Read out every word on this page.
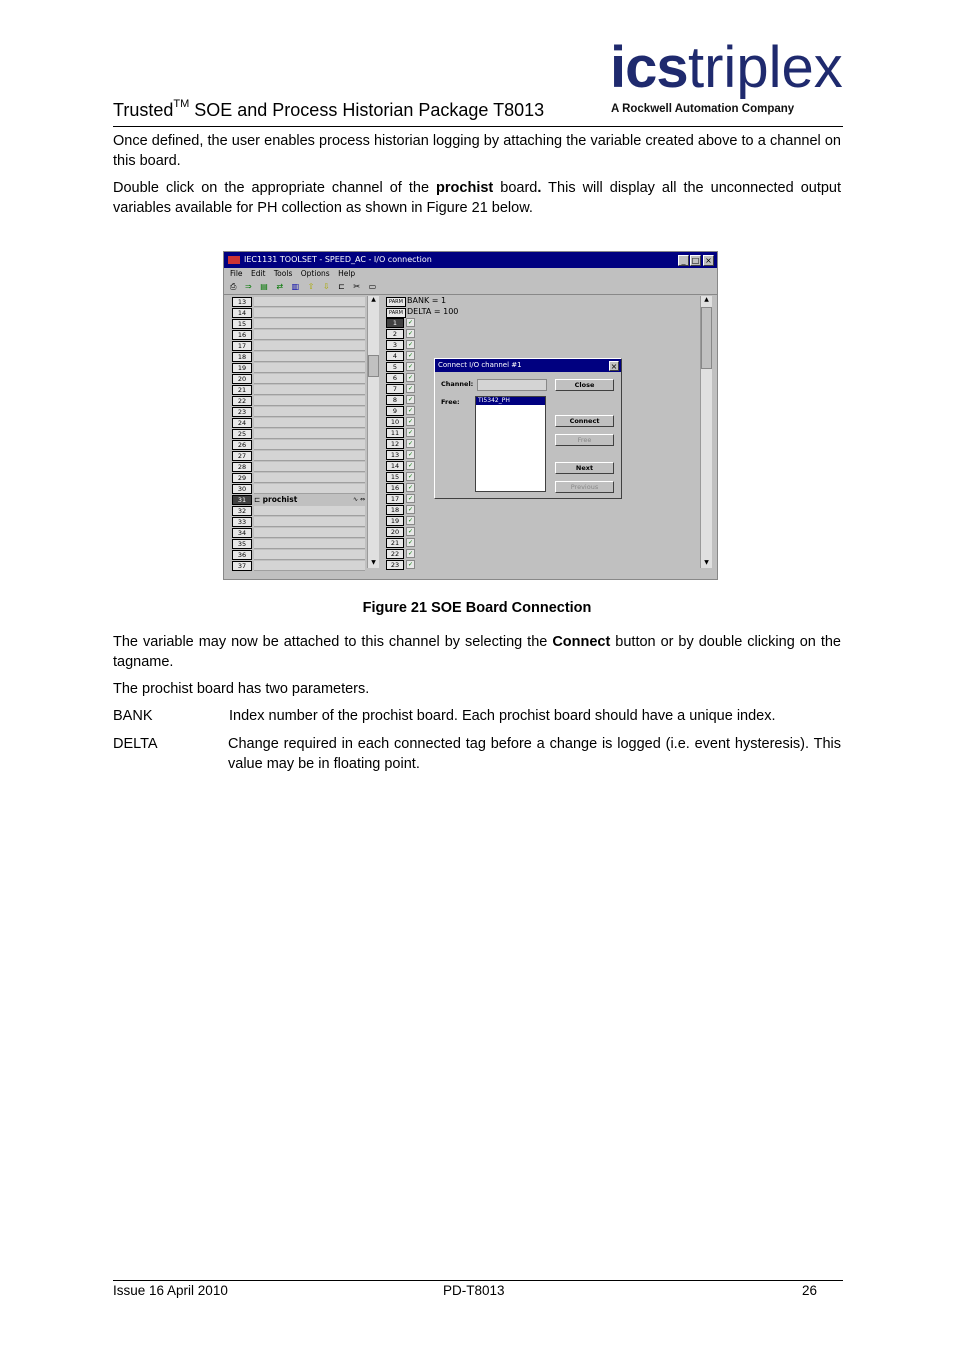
ics triplex
A Rockwell Automation Company
Trusted™ SOE and Process Historian Package T8013
Once defined, the user enables process historian logging by attaching the variable created above to a channel on this board.
Double click on the appropriate channel of the prochist board. This will display all the unconnected output variables available for PH collection as shown in Figure 21 below.
IEC1131 TOOLSET - SPEED_AC - I/O connection	_ □ ×
File Edit Tools Options Help
⎙ ⇒ ▤ ⇄ ▥ ⇧ ⇩ ⊏ ✂ ▭
13
14
15
16
17
18
19
20
21
22
23
24
25
26
27
28
29
30
31	⊏ prochist	∿ ⇔
32
33
34
35
36
37
▲
▼
PARM
PARM
BANK = 1
DELTA = 100
1	✓
2	✓
3	✓
4	✓
5	✓
6	✓
7	✓
8	✓
9	✓
10	✓
11	✓
12	✓
13	✓
14	✓
15	✓
16	✓
17	✓
18	✓
19	✓
20	✓
21	✓
22	✓
23	✓
▲
▼
Connect I/O channel #1	×
Channel:
Free:	TI5342_PH
Close
Connect
Free
Next
Previous
Figure 21 SOE Board Connection
The variable may now be attached to this channel by selecting the Connect button or by double clicking on the tagname.
The prochist board has two parameters.
BANK	Index number of the prochist board. Each prochist board should have a unique index.
DELTA	Change required in each connected tag before a change is logged (i.e. event hysteresis). This value may be in floating point.
Issue 16 April 2010	PD-T8013	26
